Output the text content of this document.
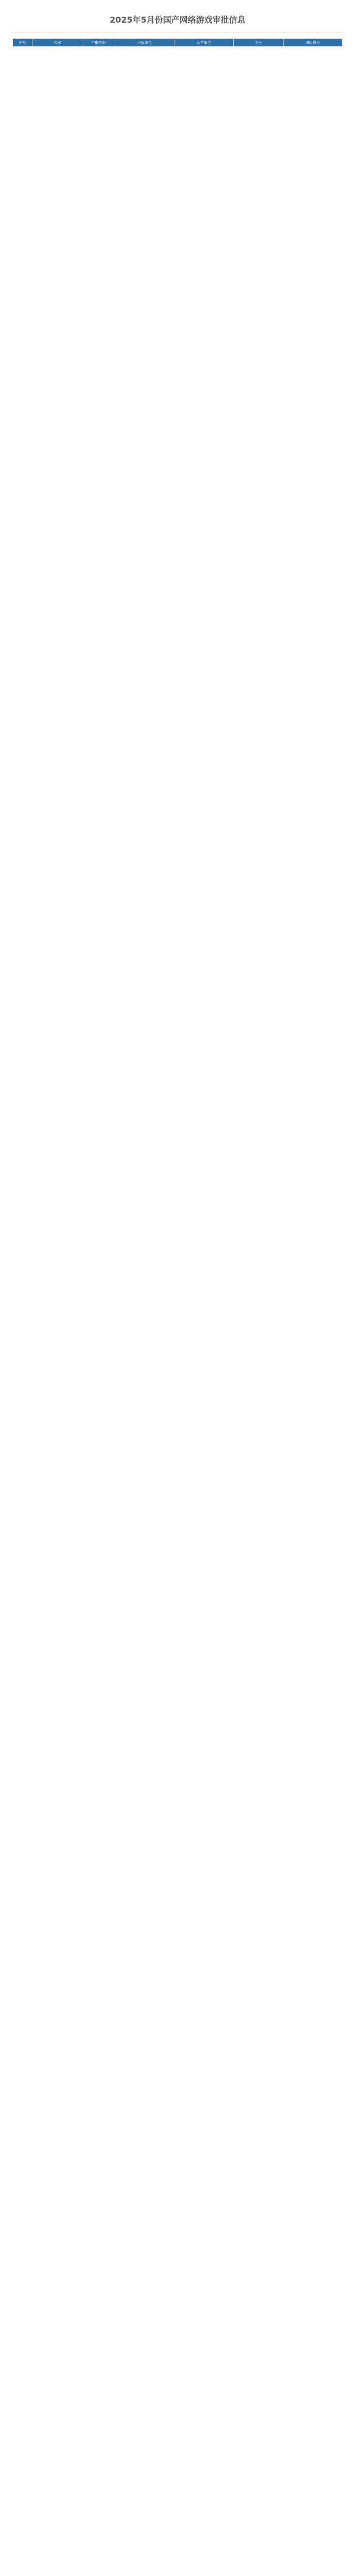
2025年5月份国产网络游戏审批信息
序号	名称	申报类别	出版单位	运营单位	文号	出版物号
